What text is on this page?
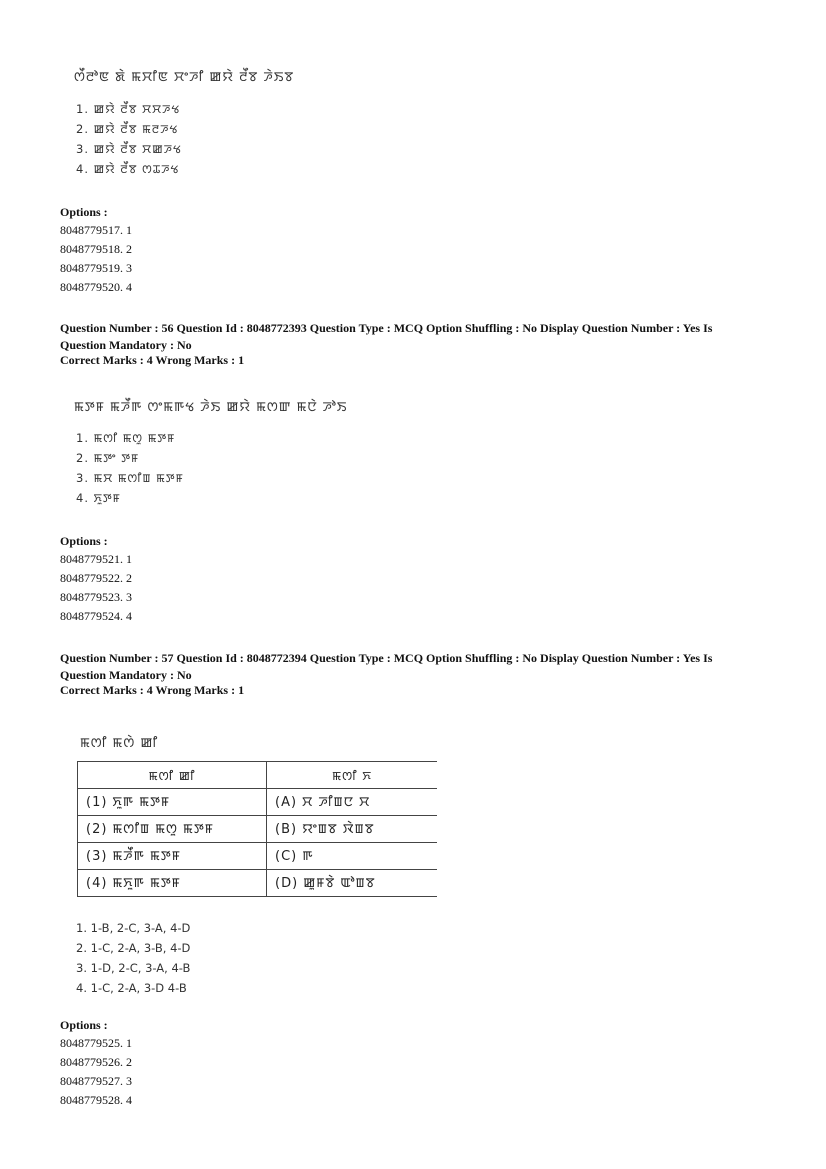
ꯁꯩꯂꯣꯟ ꯗꯥ ꯃꯆꯤꯟ ꯆꯦꯍꯤ ꯀꯌꯥ ꯂꯩꯕ ꯍꯥꯏꯕ
1. ꯀꯌꯥ ꯂꯩꯕ ꯆꯆꯍꯠ
2. ꯀꯌꯥ ꯂꯩꯕ ꯃꯂꯍꯠ
3. ꯀꯌꯥ ꯂꯩꯕ ꯆꯀꯍꯠ
4. ꯀꯌꯥ ꯂꯩꯕ ꯁꯊꯍꯠ
Options :
8048779517. 1
8048779518. 2
8048779519. 3
8048779520. 4
Question Number : 56 Question Id : 8048772393 Question Type : MCQ Option Shuffling : No Display Question Number : Yes Is Question Mandatory : No
Correct Marks : 4 Wrong Marks : 1
ꯃꯇꯝ ꯃꯍꯩꯒ ꯁꯦꯃꯒꯠ ꯍꯥꯏ ꯀꯌꯥ ꯃꯁꯛ ꯃꯅꯥ ꯍꯣꯏ
1. ꯃꯁꯤ ꯃꯁꯨ ꯃꯇꯝ
2. ꯃꯇꯦ ꯇꯝ
3. ꯃꯆ ꯃꯁꯤꯡ ꯃꯇꯝ
4. ꯈꯨꯇꯝ
Options :
8048779521. 1
8048779522. 2
8048779523. 3
8048779524. 4
Question Number : 57 Question Id : 8048772394 Question Type : MCQ Option Shuffling : No Display Question Number : Yes Is Question Mandatory : No
Correct Marks : 4 Wrong Marks : 1
ꯃꯁꯤ ꯃꯁꯥ ꯀꯤ
ꯃꯁꯤ ꯀꯤ	ꯃꯁꯤ ꯈ
(1) ꯈꯨꯒ ꯃꯇꯝ	(A) ꯆ ꯍꯤꯡꯅ ꯆ
(2) ꯃꯁꯤꯡ ꯃꯁꯨ ꯃꯇꯝ	(B) ꯌꯦꯡꯕ ꯋꯥꯡꯕ
(3) ꯃꯍꯩꯒ ꯃꯇꯝ	(C) ꯒ
(4) ꯃꯈꯨꯒ ꯃꯇꯝ	(D) ꯀꯨꯝꯕꯥ ꯑꯣꯡꯕ
1. 1-B, 2-C, 3-A, 4-D
2. 1-C, 2-A, 3-B, 4-D
3. 1-D, 2-C, 3-A, 4-B
4. 1-C, 2-A, 3-D 4-B
Options :
8048779525. 1
8048779526. 2
8048779527. 3
8048779528. 4
